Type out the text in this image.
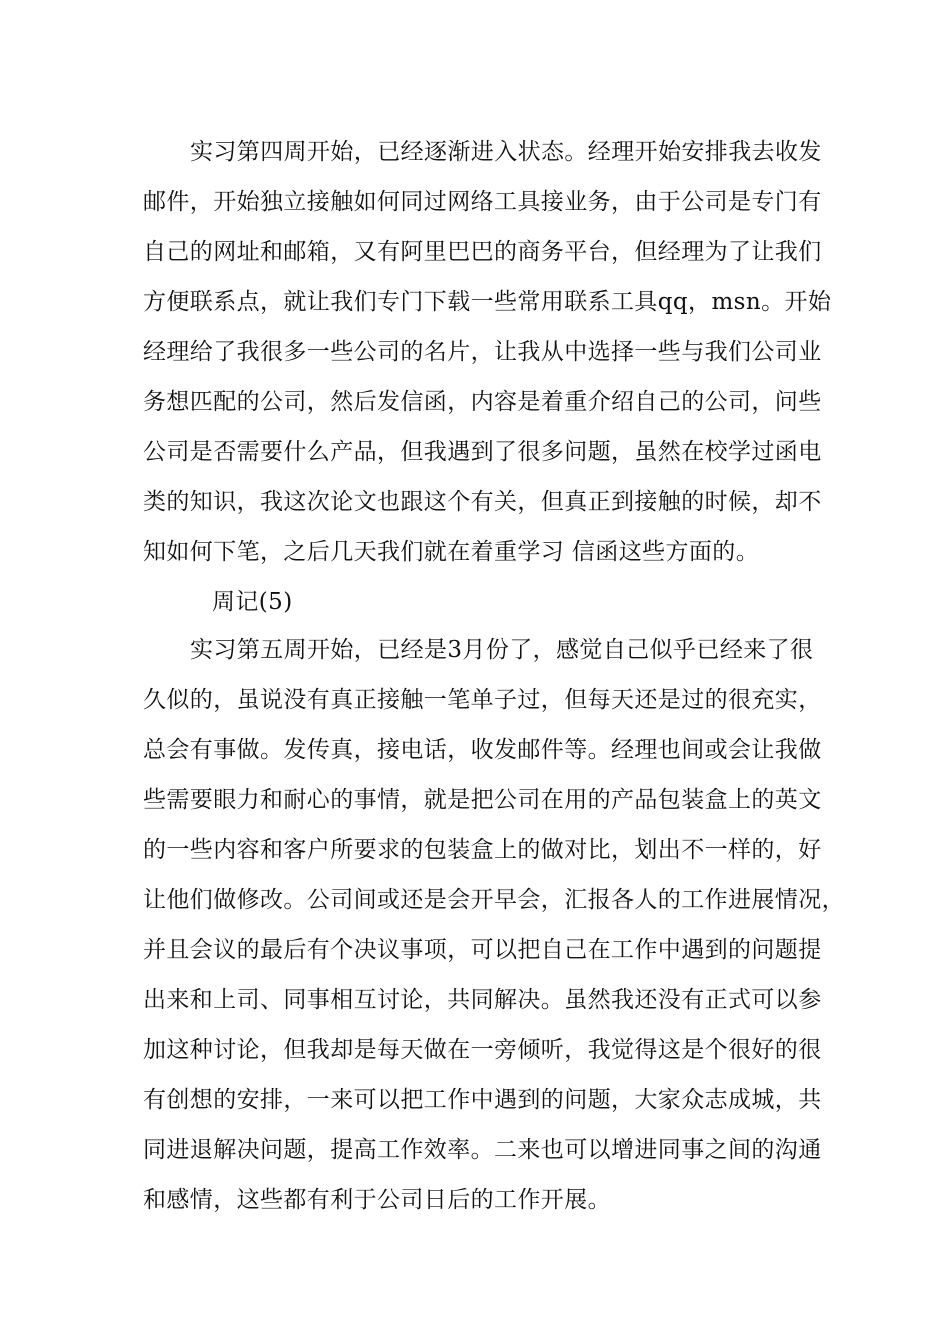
实习第四周开始，已经逐渐进入状态。经理开始安排我去收发
邮件，开始独立接触如何同过网络工具接业务，由于公司是专门有
自己的网址和邮箱，又有阿里巴巴的商务平台，但经理为了让我们
方便联系点，就让我们专门下载一些常用联系工具qq，msn。开始
经理给了我很多一些公司的名片，让我从中选择一些与我们公司业
务想匹配的公司，然后发信函，内容是着重介绍自己的公司，问些
公司是否需要什么产品，但我遇到了很多问题，虽然在校学过函电
类的知识，我这次论文也跟这个有关，但真正到接触的时候，却不
知如何下笔，之后几天我们就在着重学习 信函这些方面的。
周记(5)
实习第五周开始，已经是3月份了，感觉自己似乎已经来了很
久似的，虽说没有真正接触一笔单子过，但每天还是过的很充实，
总会有事做。发传真，接电话，收发邮件等。经理也间或会让我做
些需要眼力和耐心的事情，就是把公司在用的产品包装盒上的英文
的一些内容和客户所要求的包装盒上的做对比，划出不一样的，好
让他们做修改。公司间或还是会开早会，汇报各人的工作进展情况，
并且会议的最后有个决议事项，可以把自己在工作中遇到的问题提
出来和上司、同事相互讨论，共同解决。虽然我还没有正式可以参
加这种讨论，但我却是每天做在一旁倾听，我觉得这是个很好的很
有创想的安排，一来可以把工作中遇到的问题，大家众志成城，共
同进退解决问题，提高工作效率。二来也可以增进同事之间的沟通
和感情，这些都有利于公司日后的工作开展。
